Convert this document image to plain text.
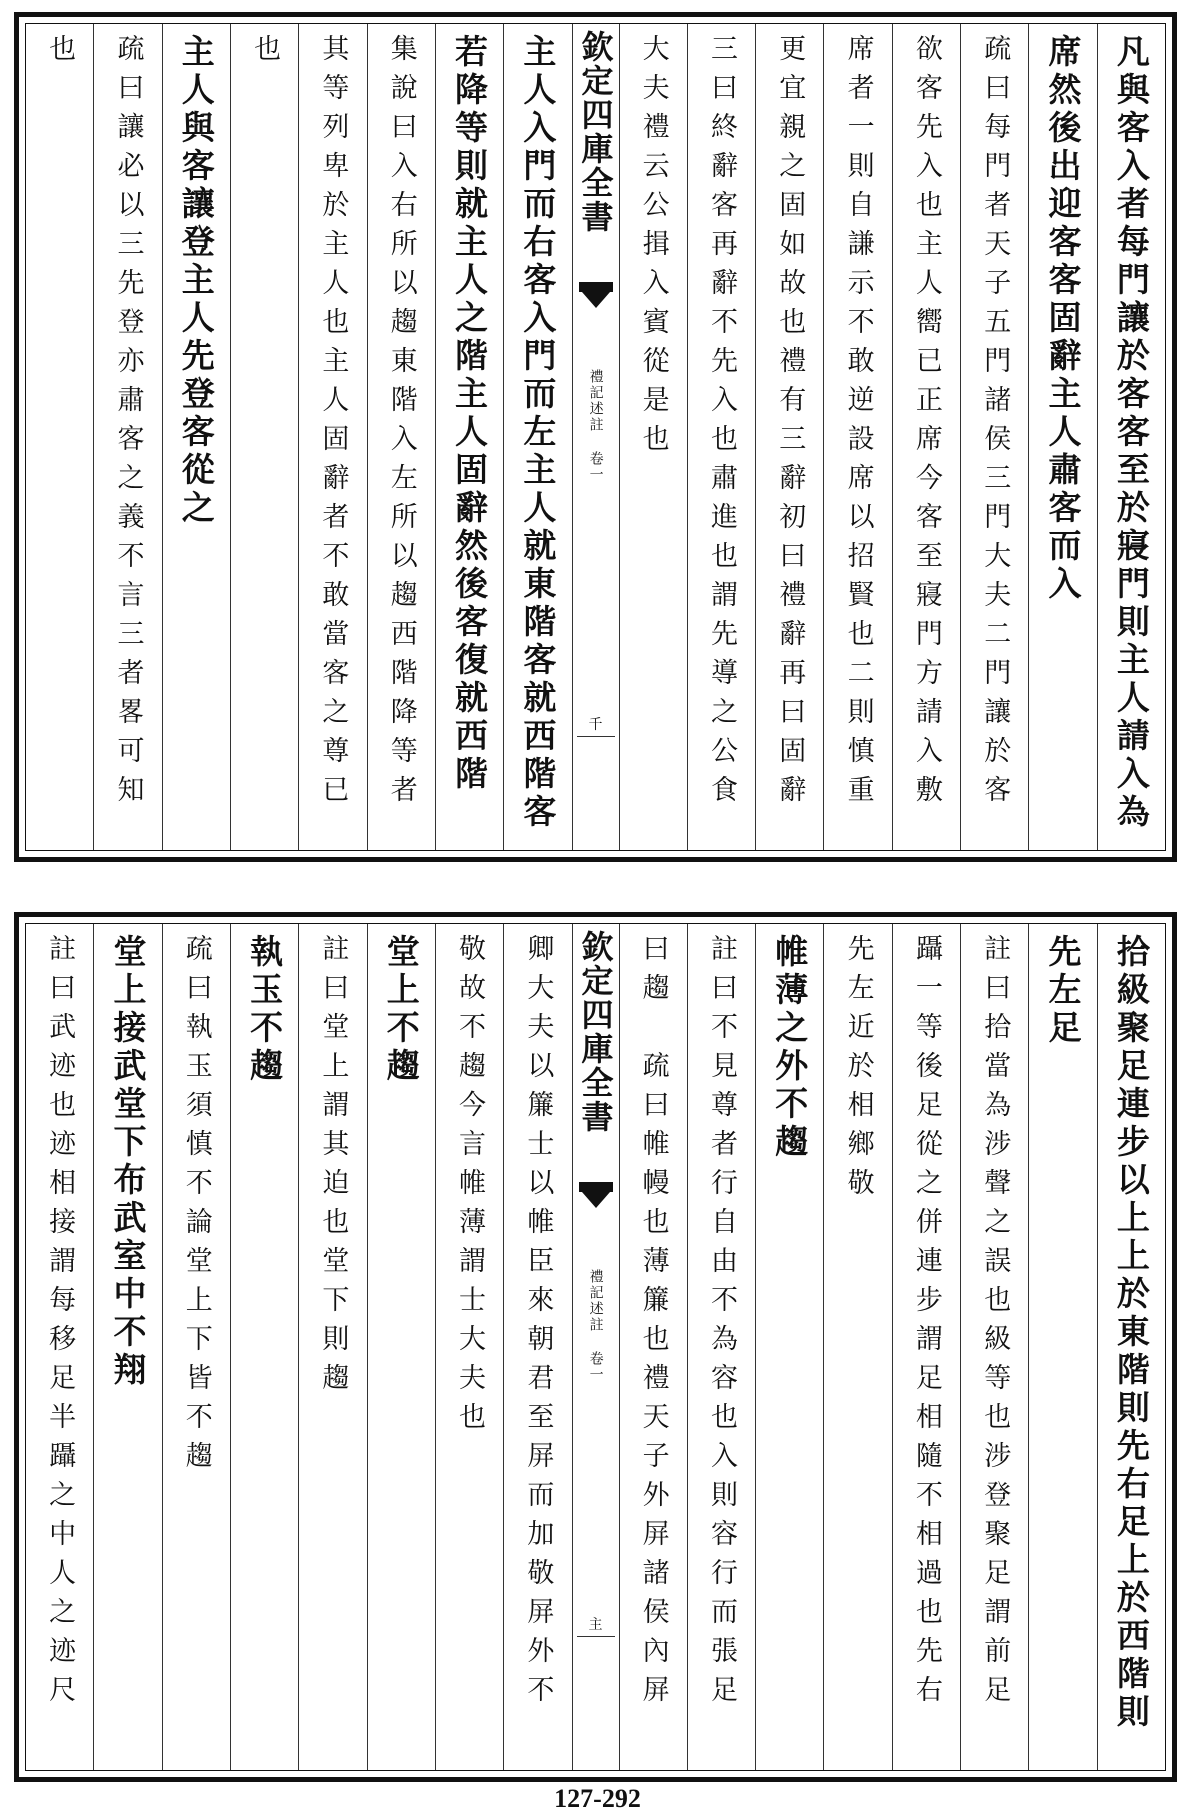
凡與客入者每門讓於客客至於寢門則主人請入為
席然後出迎客客固辭主人肅客而入
疏曰每門者天子五門諸侯三門大夫二門讓於客
欲客先入也主人嚮已正席今客至寢門方請入敷
席者一則自謙示不敢逆設席以招賢也二則慎重
更宜親之固如故也禮有三辭初曰禮辭再曰固辭
三曰終辭客再辭不先入也肅進也謂先導之公食
大夫禮云公揖入賓從是也
欽定四庫全書
禮記述註 卷一
千
主人入門而右客入門而左主人就東階客就西階客
若降等則就主人之階主人固辭然後客復就西階
集說曰入右所以趨東階入左所以趨西階降等者
其等列卑於主人也主人固辭者不敢當客之尊已
也
主人與客讓登主人先登客從之
疏曰讓必以三先登亦肅客之義不言三者畧可知
也
拾級聚足連步以上上於東階則先右足上於西階則
先左足
註曰拾當為涉聲之誤也級等也涉登聚足謂前足
躡一等後足從之併連步謂足相隨不相過也先右
先左近於相鄉敬
帷薄之外不趨
註曰不見尊者行自由不為容也入則容行而張足
曰趨　疏曰帷幔也薄簾也禮天子外屏諸侯內屏
欽定四庫全書
禮記述註 卷一
主
卿大夫以簾士以帷臣來朝君至屏而加敬屏外不
敬故不趨今言帷薄謂士大夫也
堂上不趨
註曰堂上謂其迫也堂下則趨
執玉不趨
疏曰執玉須慎不論堂上下皆不趨
堂上接武堂下布武室中不翔
註曰武迹也迹相接謂每移足半躡之中人之迹尺
127-292
